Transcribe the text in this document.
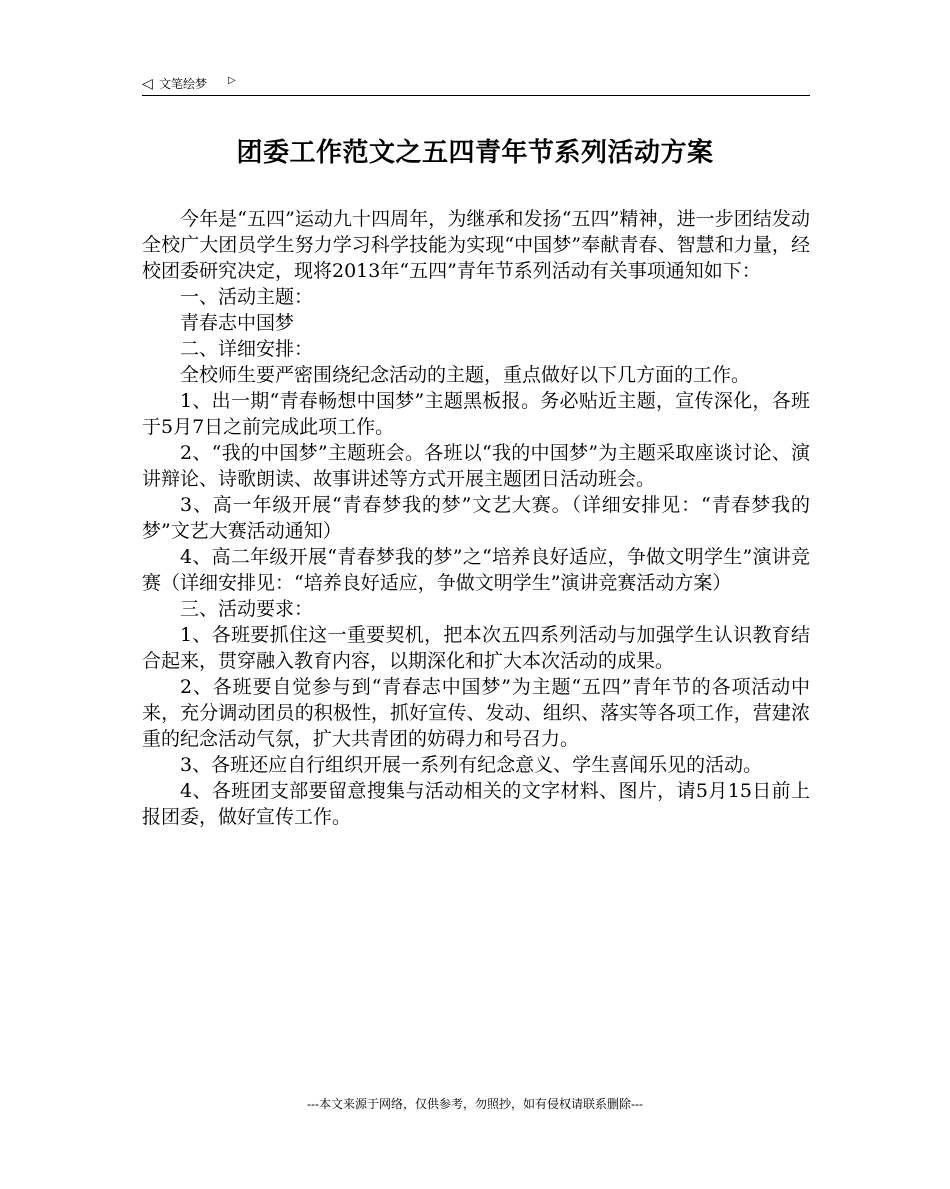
◁ 文笔绘梦 ▷
团委工作范文之五四青年节系列活动方案

今年是“五四”运动九十四周年，为继承和发扬“五四”精神，进一步团结发动全校广大团员学生努力学习科学技能为实现“中国梦”奉献青春、智慧和力量，经校团委研究决定，现将2013年“五四”青年节系列活动有关事项通知如下：

一、活动主题：

青春志中国梦

二、详细安排：

全校师生要严密围绕纪念活动的主题，重点做好以下几方面的工作。

1、出一期“青春畅想中国梦”主题黑板报。务必贴近主题，宣传深化，各班于5月7日之前完成此项工作。

2、“我的中国梦”主题班会。各班以“我的中国梦”为主题采取座谈讨论、演讲辩论、诗歌朗读、故事讲述等方式开展主题团日活动班会。

3、高一年级开展“青春梦我的梦”文艺大赛。（详细安排见：“青春梦我的梦”文艺大赛活动通知）

4、高二年级开展“青春梦我的梦”之“培养良好适应，争做文明学生”演讲竞赛（详细安排见：“培养良好适应，争做文明学生”演讲竞赛活动方案）

三、活动要求：

1、各班要抓住这一重要契机，把本次五四系列活动与加强学生认识教育结合起来，贯穿融入教育内容，以期深化和扩大本次活动的成果。

2、各班要自觉参与到“青春志中国梦”为主题“五四”青年节的各项活动中来，充分调动团员的积极性，抓好宣传、发动、组织、落实等各项工作，营建浓重的纪念活动气氛，扩大共青团的妨碍力和号召力。

3、各班还应自行组织开展一系列有纪念意义、学生喜闻乐见的活动。

4、各班团支部要留意搜集与活动相关的文字材料、图片，请5月15日前上报团委，做好宣传工作。

---本文来源于网络，仅供参考，勿照抄，如有侵权请联系删除---
